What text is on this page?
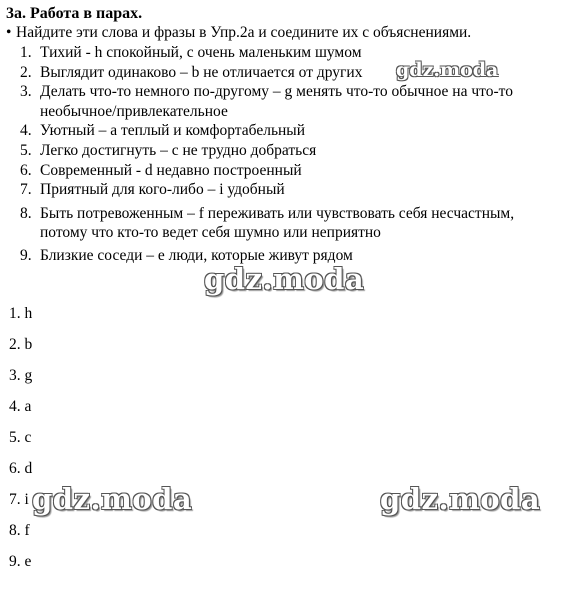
3a. Работа в парах.
• Найдите эти слова и фразы в Упр.2а и соедините их с объяснениями.
1. Тихий - h спокойный, с очень маленьким шумом
2. Выглядит одинаково – b не отличается от других
3. Делать что-то немного по-другому – g менять что-то обычное на что-то
необычное/привлекательное
4. Уютный – a теплый и комфортабельный
5. Легко достигнуть – c не трудно добраться
6. Современный - d недавно построенный
7. Приятный для кого-либо – i удобный
8. Быть потревоженным – f переживать или чувствовать себя несчастным,
потому что кто-то ведет себя шумно или неприятно
9. Близкие соседи – e люди, которые живут рядом
1. h
2. b
3. g
4. a
5. c
6. d
7. i
8. f
9. e
gdz.moda
gdz.moda
gdz.moda	gdz.moda
